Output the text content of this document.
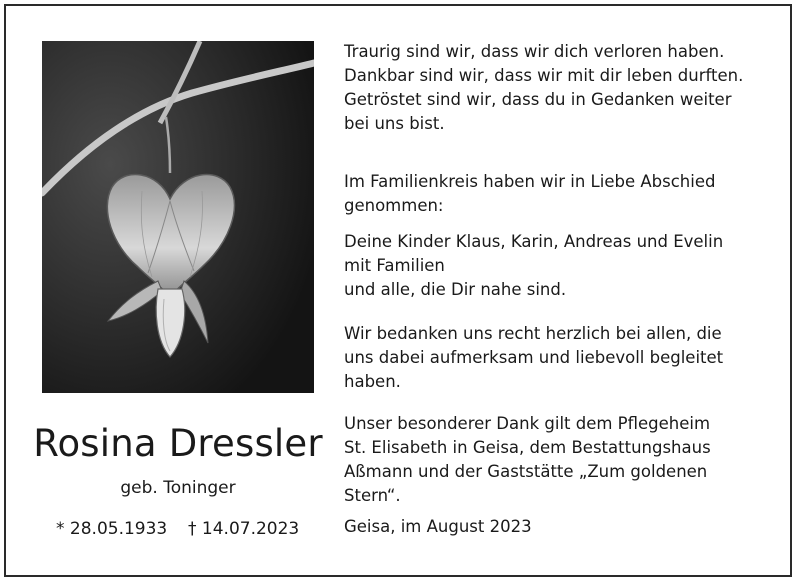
Rosina Dressler
geb. Toninger
* 28.05.1933 † 14.07.2023

Traurig sind wir, dass wir dich verloren haben.

Dankbar sind wir, dass wir mit dir leben durften.

Getröstet sind wir, dass du in Gedanken weiter

bei uns bist.

Im Familienkreis haben wir in Liebe Abschied

genommen:

Deine Kinder Klaus, Karin, Andreas und Evelin

mit Familien

und alle, die Dir nahe sind.

Wir bedanken uns recht herzlich bei allen, die

uns dabei aufmerksam und liebevoll begleitet

haben.

Unser besonderer Dank gilt dem Pflegeheim

St. Elisabeth in Geisa, dem Bestattungshaus

Aßmann und der Gaststätte „Zum goldenen

Stern“.

Geisa, im August 2023
